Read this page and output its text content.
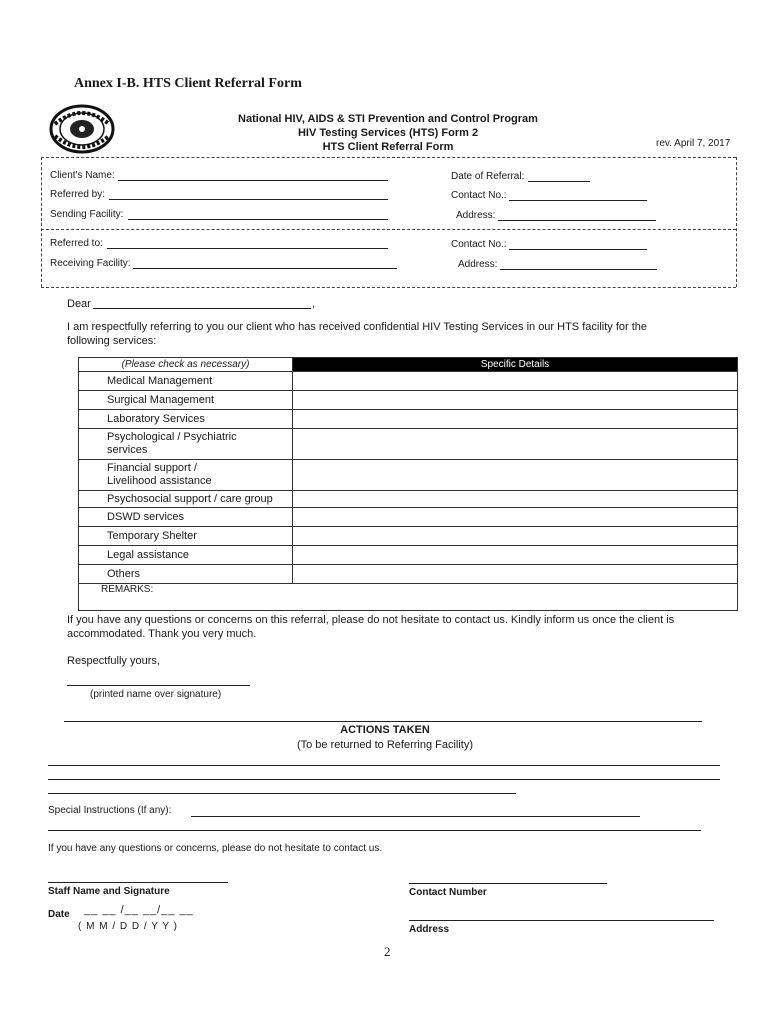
Annex I-B. HTS Client Referral Form
National HIV, AIDS & STI Prevention and Control Program
HIV Testing Services (HTS) Form 2
HTS Client Referral Form	rev. April 7, 2017
Client's Name:
Referred by:
Sending Facility:
Date of Referral:
Contact No.:
Address:
Referred to:
Receiving Facility:
Contact No.:
Address:
Dear	,
I am respectfully referring to you our client who has received confidential HIV Testing Services in our HTS facility for the
following services:
(Please check as necessary)	Specific Details

Medical Management	

Surgical Management	

Laboratory Services	

Psychological / Psychiatric
services	

Financial support /
Livelihood assistance	

Psychosocial support / care group	

DSWD services	

Temporary Shelter	

Legal assistance	

Others	

REMARKS:	
If you have any questions or concerns on this referral, please do not hesitate to contact us. Kindly inform us once the client is
accommodated. Thank you very much.
Respectfully yours,
(printed name over signature)
ACTIONS TAKEN
(To be returned to Referring Facility)
Special Instructions (If any):
If you have any questions or concerns, please do not hesitate to contact us.
Staff Name and Signature	Contact Number
Date __ __ /__ __/__ __
( M M / D D / Y Y )	Address
2
